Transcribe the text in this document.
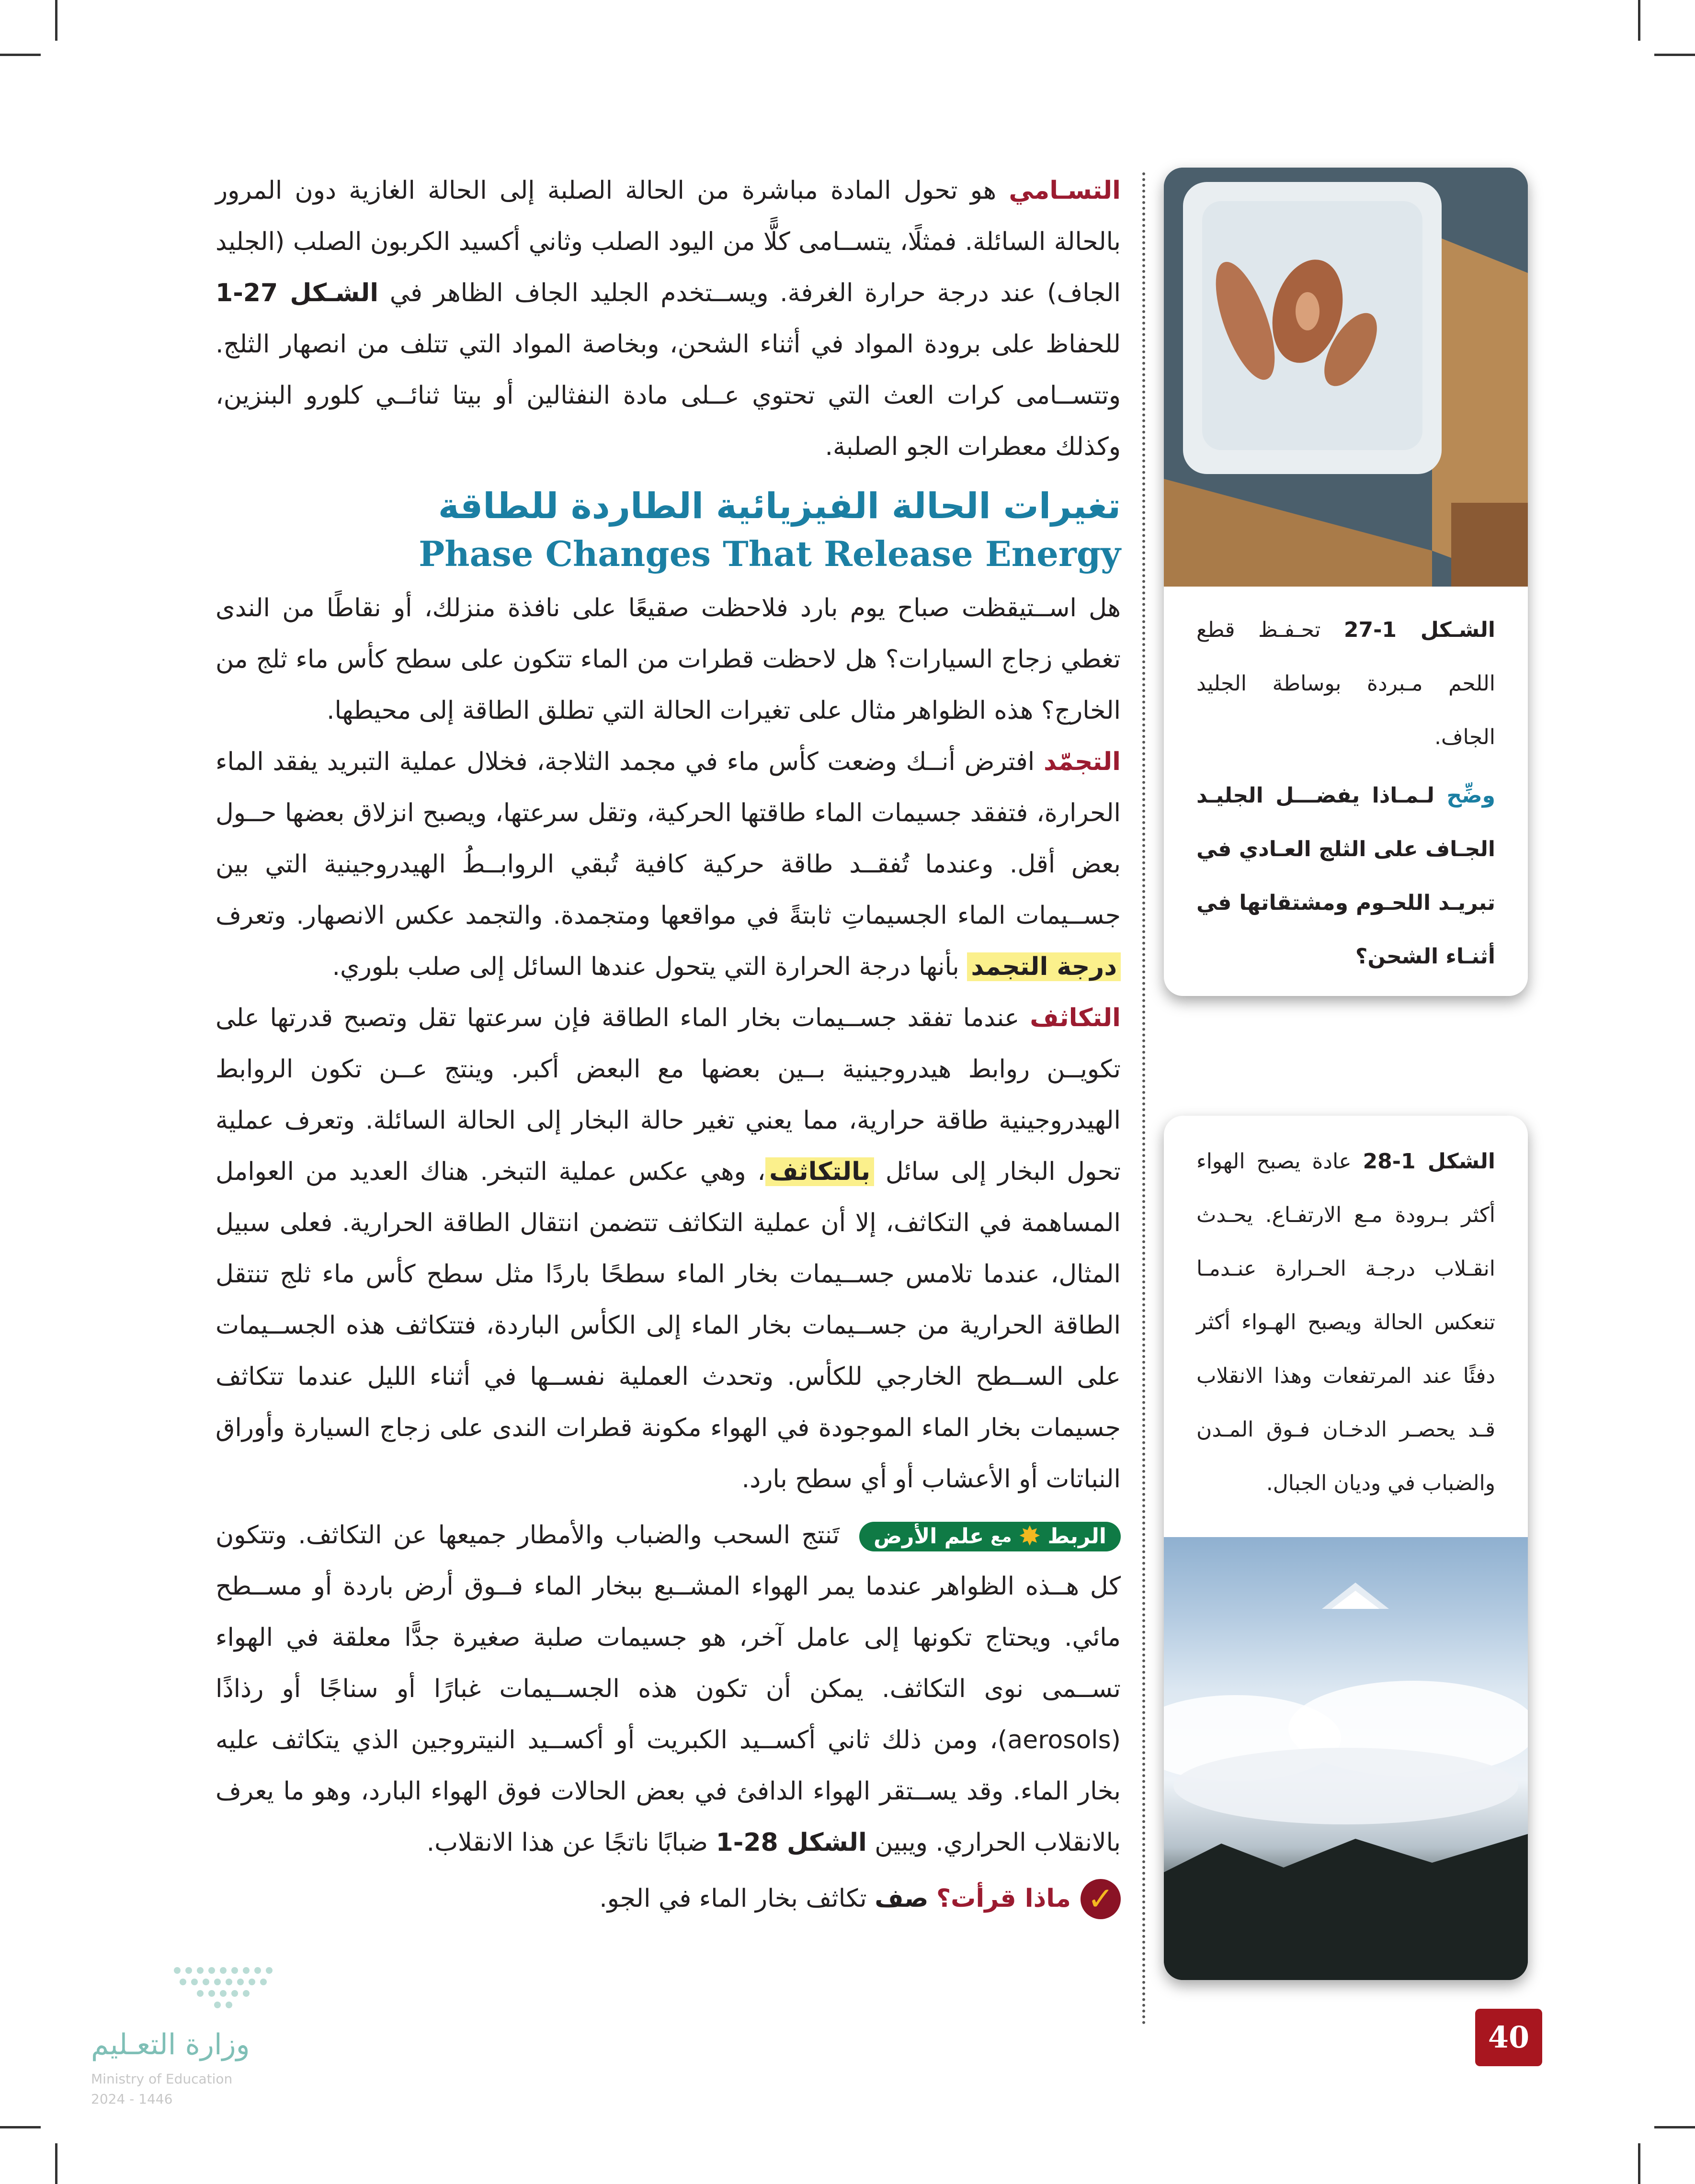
التسـامي هو تحول المادة مباشرة من الحالة الصلبة إلى الحالة الغازية دون المرور بالحالة السائلة. فمثلًا، يتســامى كلًّا من اليود الصلب وثاني أكسيد الكربون الصلب (الجليد الجاف) عند درجة حرارة الغرفة. ويســتخدم الجليد الجاف الظاهر في الشـكل 27-1 للحفاظ على برودة المواد في أثناء الشحن، وبخاصة المواد التي تتلف من انصهار الثلج. وتتســامى كرات العث التي تحتوي عــلى مادة النفثالين أو بيتا ثنائــي كلورو البنزين، وكذلك معطرات الجو الصلبة.

تغيرات الحالة الفيزيائية الطاردة للطاقة

Phase Changes That Release Energy

هل اســتيقظت صباح يوم بارد فلاحظت صقيعًا على نافذة منزلك، أو نقاطًا من الندى تغطي زجاج السيارات؟ هل لاحظت قطرات من الماء تتكون على سطح كأس ماء ثلج من الخارج؟ هذه الظواهر مثال على تغيرات الحالة التي تطلق الطاقة إلى محيطها.

التجمّد افترض أنــك وضعت كأس ماء في مجمد الثلاجة، فخلال عملية التبريد يفقد الماء الحرارة، فتفقد جسيمات الماء طاقتها الحركية، وتقل سرعتها، ويصبح انزلاق بعضها حــول بعض أقل. وعندما تُفقــد طاقة حركية كافية تُبقي الروابــطُ الهيدروجينية التي بين جســيمات الماء الجسيماتِ ثابتةً في مواقعها ومتجمدة. والتجمد عكس الانصهار. وتعرف درجة التجمد بأنها درجة الحرارة التي يتحول عندها السائل إلى صلب بلوري.

التكاثف عندما تفقد جســيمات بخار الماء الطاقة فإن سرعتها تقل وتصبح قدرتها على تكويــن روابط هيدروجينية بــين بعضها مع البعض أكبر. وينتج عــن تكون الروابط الهيدروجينية طاقة حرارية، مما يعني تغير حالة البخار إلى الحالة السائلة. وتعرف عملية تحول البخار إلى سائل بالتكاثف، وهي عكس عملية التبخر. هناك العديد من العوامل المساهمة في التكاثف، إلا أن عملية التكاثف تتضمن انتقال الطاقة الحرارية. فعلى سبيل المثال، عندما تلامس جســيمات بخار الماء سطحًا باردًا مثل سطح كأس ماء ثلج تنتقل الطاقة الحرارية من جســيمات بخار الماء إلى الكأس الباردة، فتتكاثف هذه الجســيمات على الســطح الخارجي للكأس. وتحدث العملية نفســها في أثناء الليل عندما تتكاثف جسيمات بخار الماء الموجودة في الهواء مكونة قطرات الندى على زجاج السيارة وأوراق النباتات أو الأعشاب أو أي سطح بارد.

الربط
✸
مع
علم الأرض
تَنتج السحب والضباب والأمطار جميعها عن التكاثف. وتتكون كل هــذه الظواهر عندما يمر الهواء المشــبع ببخار الماء فــوق أرض باردة أو مســطح مائي. ويحتاج تكونها إلى عامل آخر، هو جسيمات صلبة صغيرة جدًّا معلقة في الهواء تســمى نوى التكاثف. يمكن أن تكون هذه الجســيمات غبارًا أو سناجًا أو رذاذًا (aerosols)، ومن ذلك ثاني أكســيد الكبريت أو أكســيد النيتروجين الذي يتكاثف عليه بخار الماء. وقد يســتقر الهواء الدافئ في بعض الحالات فوق الهواء البارد، وهو ما يعرف بالانقلاب الحراري. ويبين الشكل 28-1 ضبابًا ناتجًا عن هذا الانقلاب.

✓
ماذا قرأت؟ صف تكاثف بخار الماء في الجو.

الشـكل 1-27 تحـفـظ قطع اللحم مـبردة بوساطة الجليد الجاف.
وضِّح لـمـاذا يفضـــل الجليـد الجـاف على الثلج العـادي في تبريـد اللحـوم ومشتقاتها في أثنـاء الشحن؟
الشكل 1-28 عادة يصبح الهواء أكثر بـرودة مـع الارتفـاع. يحـدث انقـلاب درجـة الحـرارة عنـدمـا تنعكس الحالة ويصبح الهـواء أكثر دفئًا عند المرتفعات وهذا الانقلاب قـد يحصـر الدخـان فـوق المـدن والضباب في وديان الجبال.
وزارة التعـليم
Ministry of Education
2024 - 1446
40
